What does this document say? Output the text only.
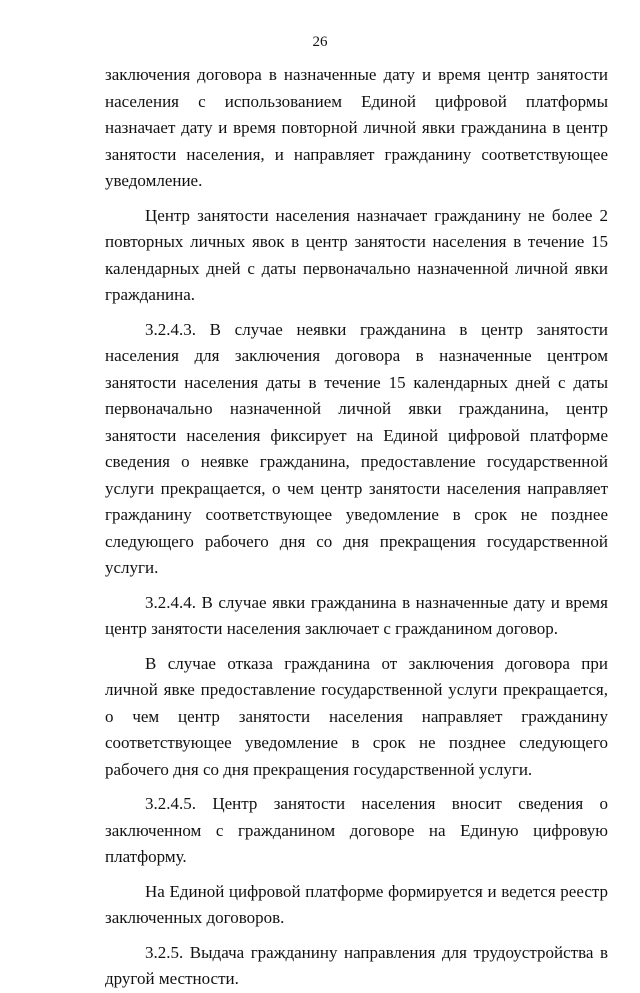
26

заключения договора в назначенные дату и время центр занятости населения с использованием Единой цифровой платформы назначает дату и время повторной личной явки гражданина в центр занятости населения, и направляет гражданину соответствующее уведомление.

Центр занятости населения назначает гражданину не более 2 повторных личных явок в центр занятости населения в течение 15 календарных дней с даты первоначально назначенной личной явки гражданина.

3.2.4.3. В случае неявки гражданина в центр занятости населения для заключения договора в назначенные центром занятости населения даты в течение 15 календарных дней с даты первоначально назначенной личной явки гражданина, центр занятости населения фиксирует на Единой цифровой платформе сведения о неявке гражданина, предоставление государственной услуги прекращается, о чем центр занятости населения направляет гражданину соответствующее уведомление в срок не позднее следующего рабочего дня со дня прекращения государственной услуги.

3.2.4.4. В случае явки гражданина в назначенные дату и время центр занятости населения заключает с гражданином договор.

В случае отказа гражданина от заключения договора при личной явке предоставление государственной услуги прекращается, о чем центр занятости населения направляет гражданину соответствующее уведомление в срок не позднее следующего рабочего дня со дня прекращения государственной услуги.

3.2.4.5. Центр занятости населения вносит сведения о заключенном с гражданином договоре на Единую цифровую платформу.

На Единой цифровой платформе формируется и ведется реестр заключенных договоров.

3.2.5. Выдача гражданину направления для трудоустройства в другой местности.
